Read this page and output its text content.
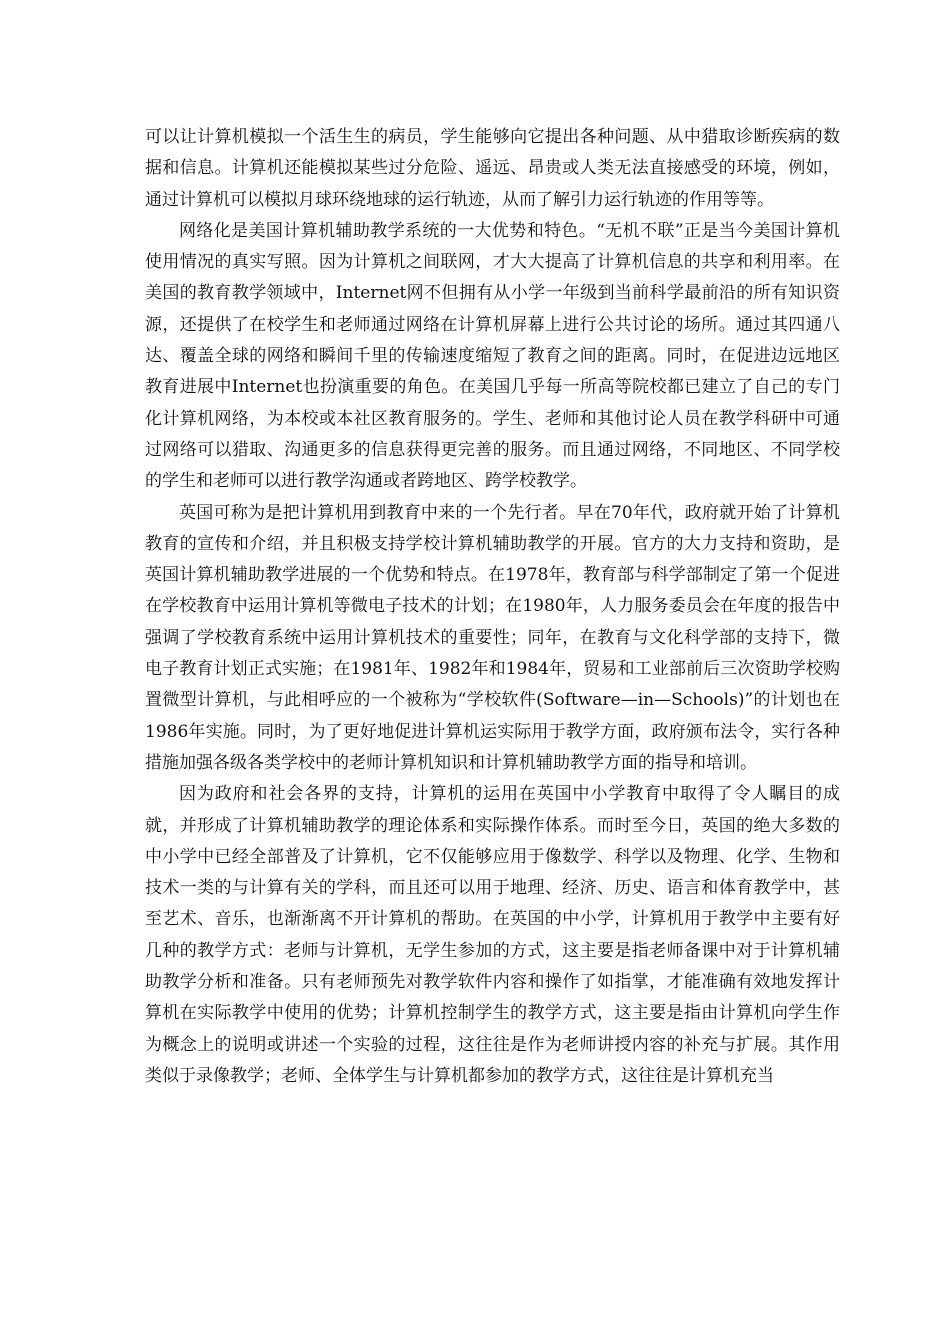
可以让计算机模拟一个活生生的病员，学生能够向它提出各种问题、从中猎取诊断疾病的数据和信息。计算机还能模拟某些过分危险、遥远、昂贵或人类无法直接感受的环境，例如，通过计算机可以模拟月球环绕地球的运行轨迹，从而了解引力运行轨迹的作用等等。

网络化是美国计算机辅助教学系统的一大优势和特色。“无机不联”正是当今美国计算机使用情况的真实写照。因为计算机之间联网，才大大提高了计算机信息的共享和利用率。在美国的教育教学领域中，Internet网不但拥有从小学一年级到当前科学最前沿的所有知识资源，还提供了在校学生和老师通过网络在计算机屏幕上进行公共讨论的场所。通过其四通八达、覆盖全球的网络和瞬间千里的传输速度缩短了教育之间的距离。同时，在促进边远地区教育进展中Internet也扮演重要的角色。在美国几乎每一所高等院校都已建立了自己的专门化计算机网络，为本校或本社区教育服务的。学生、老师和其他讨论人员在教学科研中可通过网络可以猎取、沟通更多的信息获得更完善的服务。而且通过网络，不同地区、不同学校的学生和老师可以进行教学沟通或者跨地区、跨学校教学。

英国可称为是把计算机用到教育中来的一个先行者。早在70年代，政府就开始了计算机教育的宣传和介绍，并且积极支持学校计算机辅助教学的开展。官方的大力支持和资助，是英国计算机辅助教学进展的一个优势和特点。在1978年，教育部与科学部制定了第一个促进在学校教育中运用计算机等微电子技术的计划；在1980年，人力服务委员会在年度的报告中强调了学校教育系统中运用计算机技术的重要性；同年，在教育与文化科学部的支持下，微电子教育计划正式实施；在1981年、1982年和1984年，贸易和工业部前后三次资助学校购置微型计算机，与此相呼应的一个被称为“学校软件(Software—in—Schools)”的计划也在1986年实施。同时，为了更好地促进计算机运实际用于教学方面，政府颁布法令，实行各种措施加强各级各类学校中的老师计算机知识和计算机辅助教学方面的指导和培训。

因为政府和社会各界的支持，计算机的运用在英国中小学教育中取得了令人瞩目的成就，并形成了计算机辅助教学的理论体系和实际操作体系。而时至今日，英国的绝大多数的中小学中已经全部普及了计算机，它不仅能够应用于像数学、科学以及物理、化学、生物和技术一类的与计算有关的学科，而且还可以用于地理、经济、历史、语言和体育教学中，甚至艺术、音乐，也渐渐离不开计算机的帮助。在英国的中小学，计算机用于教学中主要有好几种的教学方式：老师与计算机，无学生参加的方式，这主要是指老师备课中对于计算机辅助教学分析和准备。只有老师预先对教学软件内容和操作了如指掌，才能准确有效地发挥计算机在实际教学中使用的优势；计算机控制学生的教学方式，这主要是指由计算机向学生作为概念上的说明或讲述一个实验的过程，这往往是作为老师讲授内容的补充与扩展。其作用类似于录像教学；老师、全体学生与计算机都参加的教学方式，这往往是计算机充当
